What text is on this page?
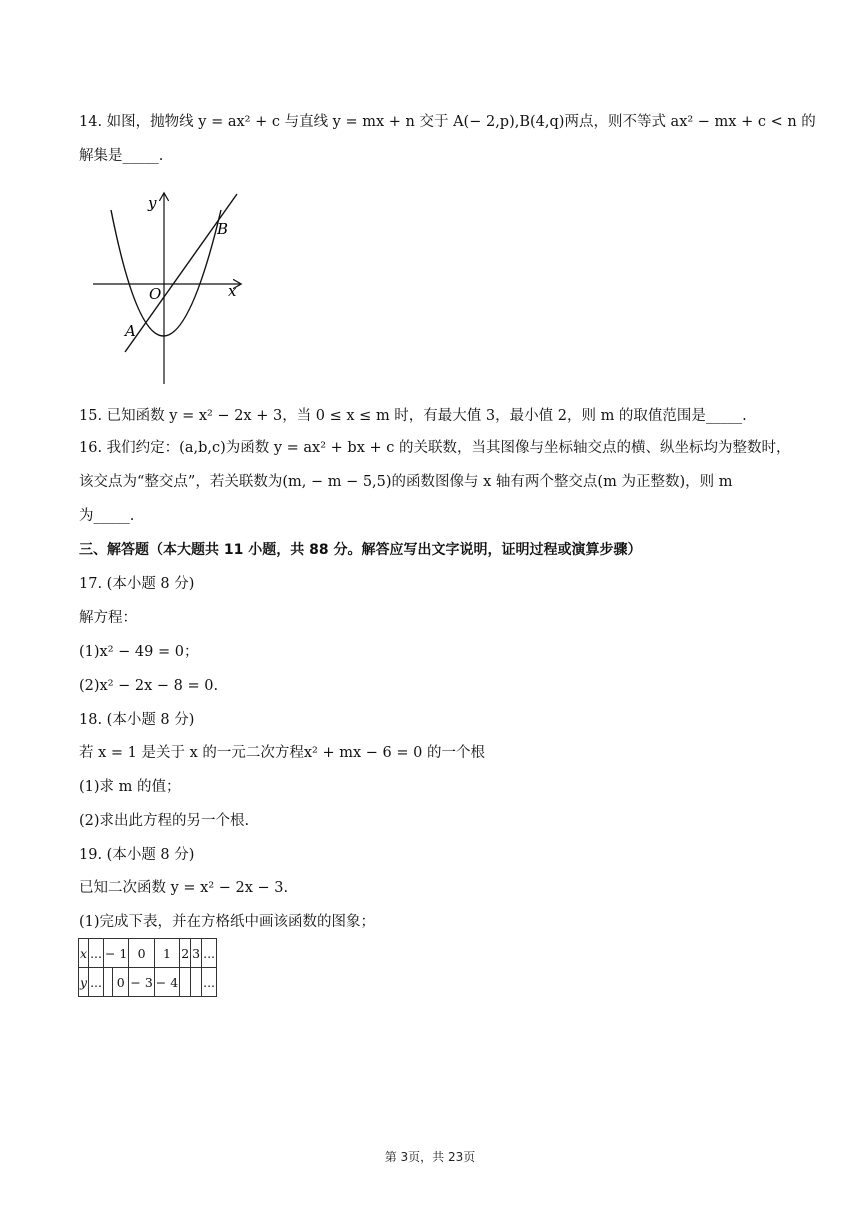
14. 如图，抛物线 y = ax² + c 与直线 y = mx + n 交于 A(− 2,p),B(4,q)两点，则不等式 ax² − mx + c < n 的
解集是_____.
y
x
O
A
B
15. 已知函数 y = x² − 2x + 3，当 0 ≤ x ≤ m 时，有最大值 3，最小值 2，则 m 的取值范围是_____.
16. 我们约定：(a,b,c)为函数 y = ax² + bx + c 的关联数，当其图像与坐标轴交点的横、纵坐标均为整数时，
该交点为“整交点”，若关联数为(m, − m − 5,5)的函数图像与 x 轴有两个整交点(m 为正整数)，则 m
为_____.
三、解答题（本大题共 11 小题，共 88 分。解答应写出文字说明，证明过程或演算步骤）
17. (本小题 8 分)
解方程：
(1)x² − 49 = 0；
(2)x² − 2x − 8 = 0.
18. (本小题 8 分)
若 x = 1 是关于 x 的一元二次方程x² + mx − 6 = 0 的一个根
(1)求 m 的值；
(2)求出此方程的另一个根.
19. (本小题 8 分)
已知二次函数 y = x² − 2x − 3.
(1)完成下表，并在方格纸中画该函数的图象；
x	...	− 1		0	1	2	3	...
y	...		0	− 3	− 4			...
第 3页，共 23页
